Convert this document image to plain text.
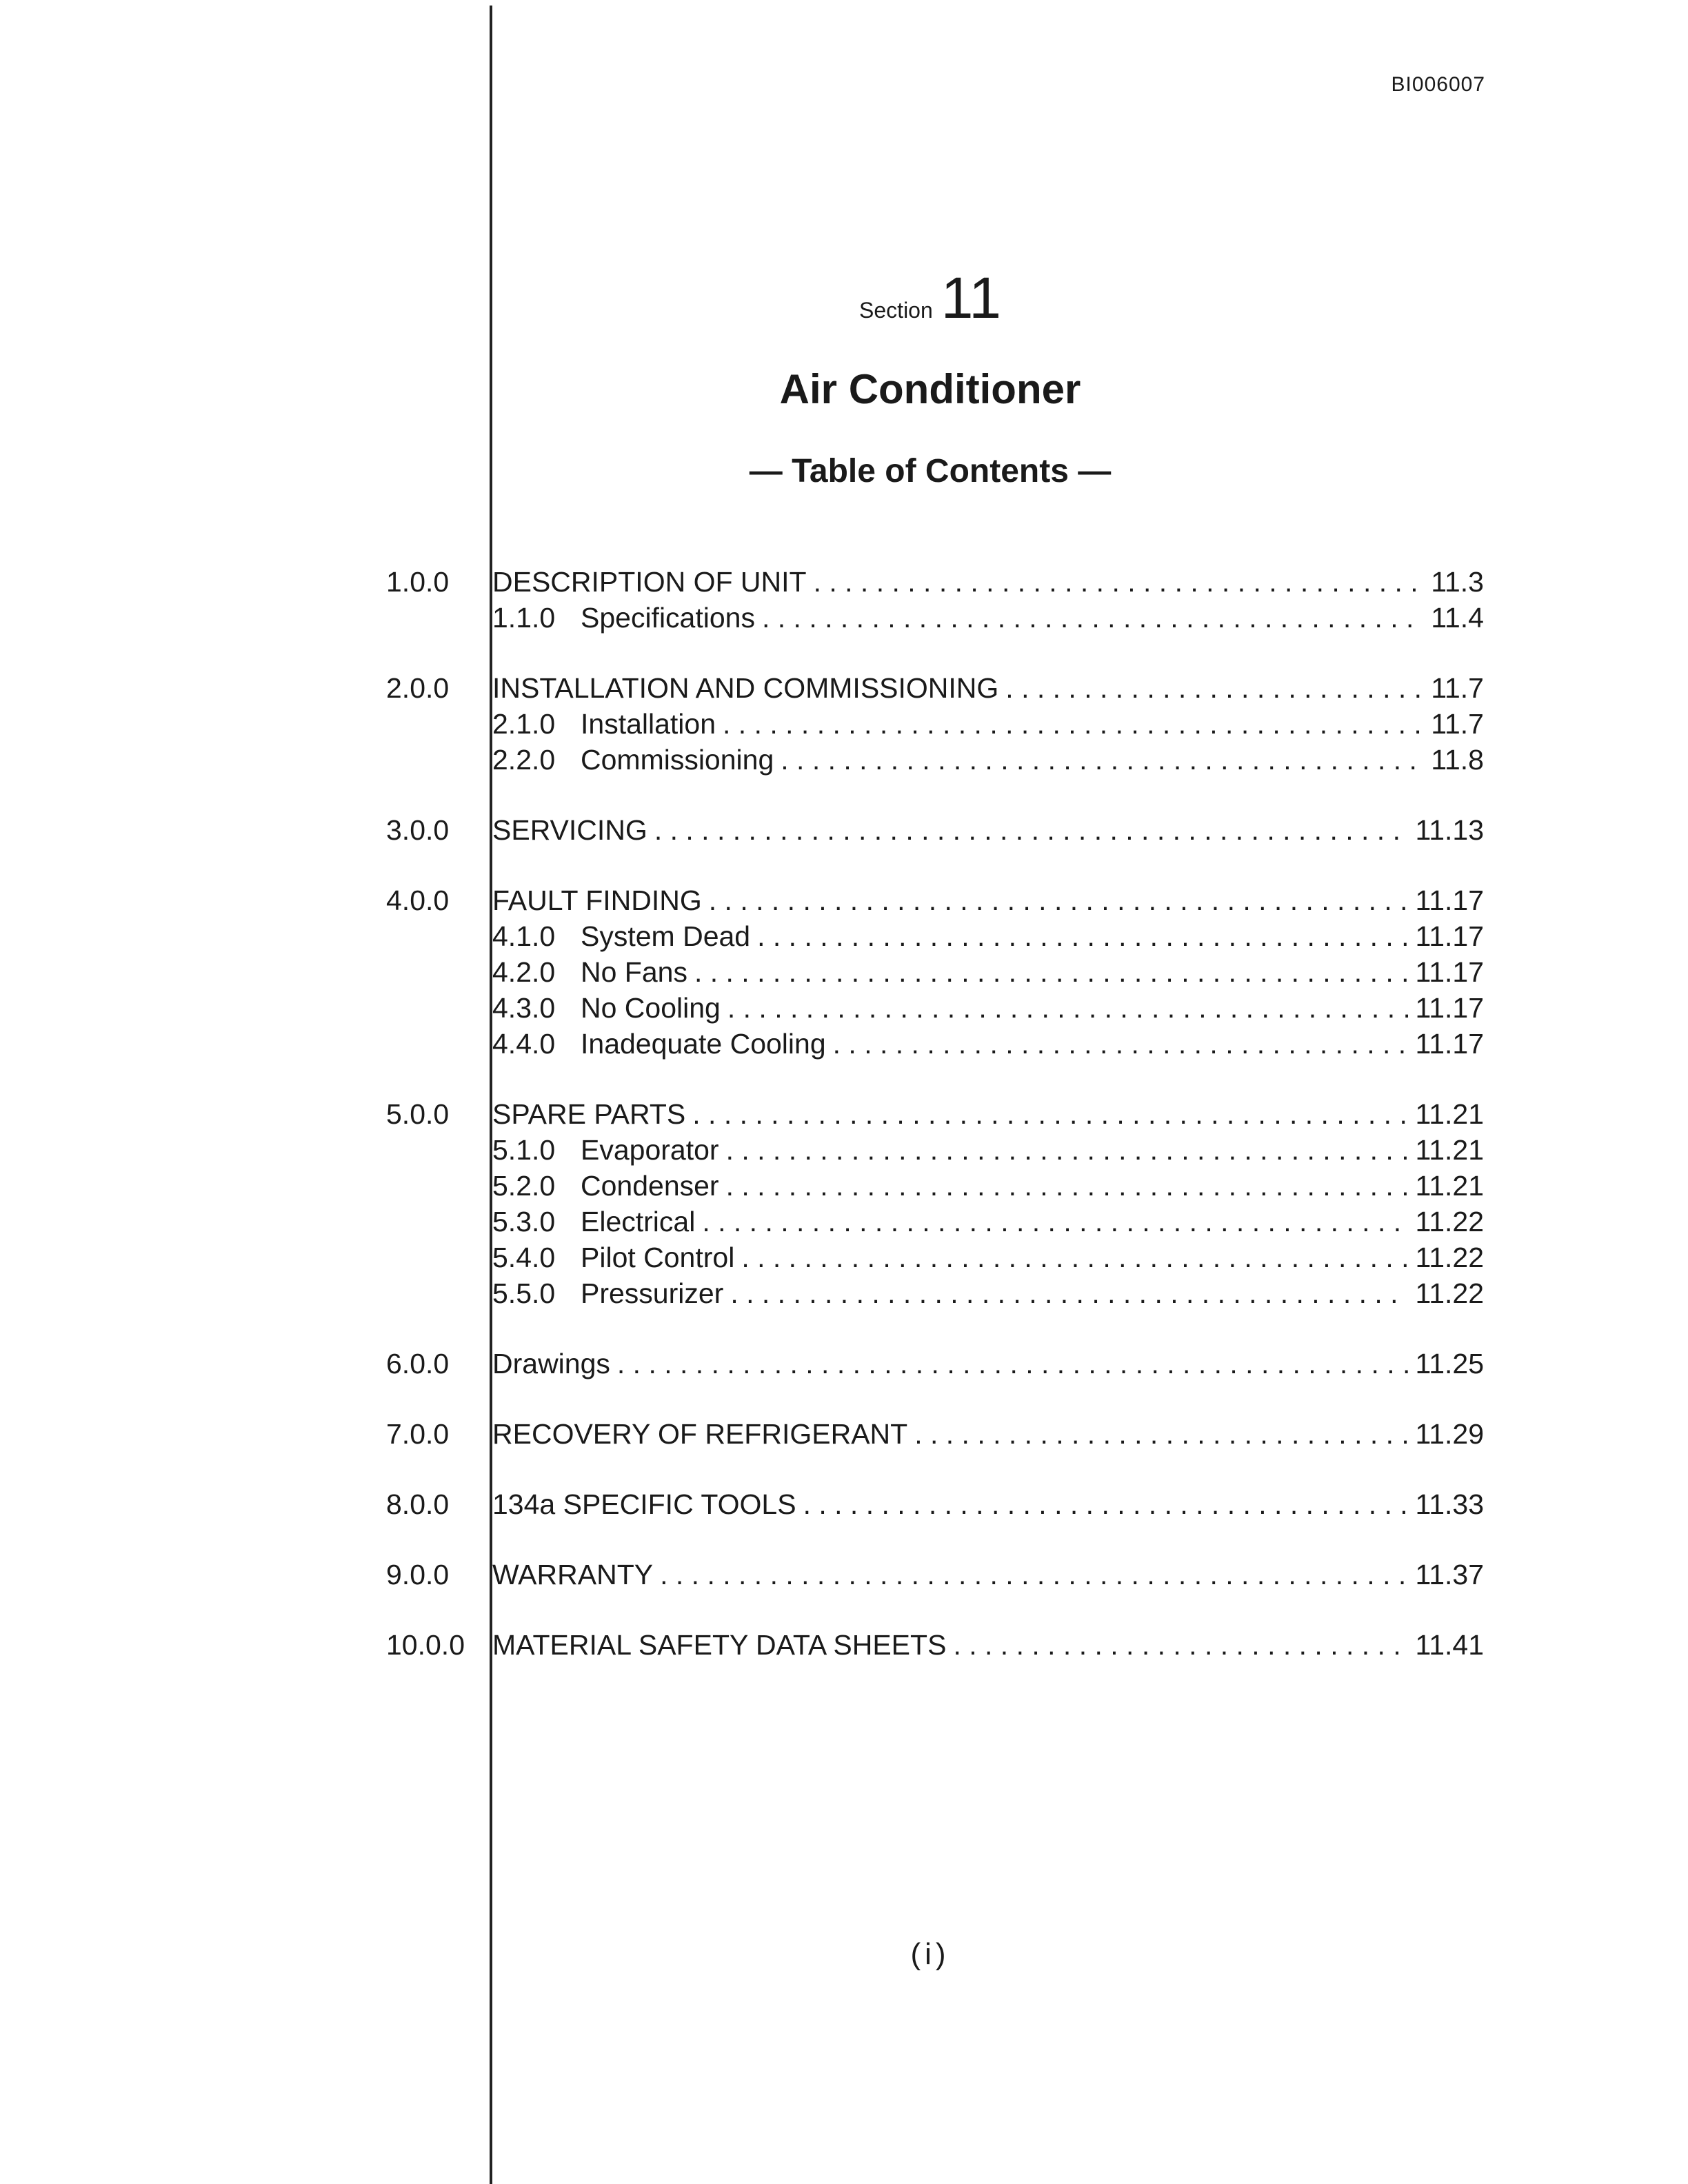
BI006007
Section 11
Air Conditioner
— Table of Contents —
1.0.0	DESCRIPTION OF UNIT . . .	11.3
1.1.0 Specifications . . .	11.4
2.0.0	INSTALLATION AND COMMISSIONING . . .	11.7
2.1.0 Installation . . .	11.7
2.2.0 Commissioning . . .	11.8
3.0.0	SERVICING . . .	11.13
4.0.0	FAULT FINDING . . .	11.17
4.1.0 System Dead . . .	11.17
4.2.0 No Fans . . .	11.17
4.3.0 No Cooling . . .	11.17
4.4.0 Inadequate Cooling . . .	11.17
5.0.0	SPARE PARTS . . .	11.21
5.1.0 Evaporator . . .	11.21
5.2.0 Condenser . . .	11.21
5.3.0 Electrical . . .	11.22
5.4.0 Pilot Control . . .	11.22
5.5.0 Pressurizer . . .	11.22
6.0.0	Drawings . . .	11.25
7.0.0	RECOVERY OF REFRIGERANT . . .	11.29
8.0.0	134a SPECIFIC TOOLS . . .	11.33
9.0.0	WARRANTY . . .	11.37
10.0.0 MATERIAL SAFETY DATA SHEETS . . .	11.41
(i)
